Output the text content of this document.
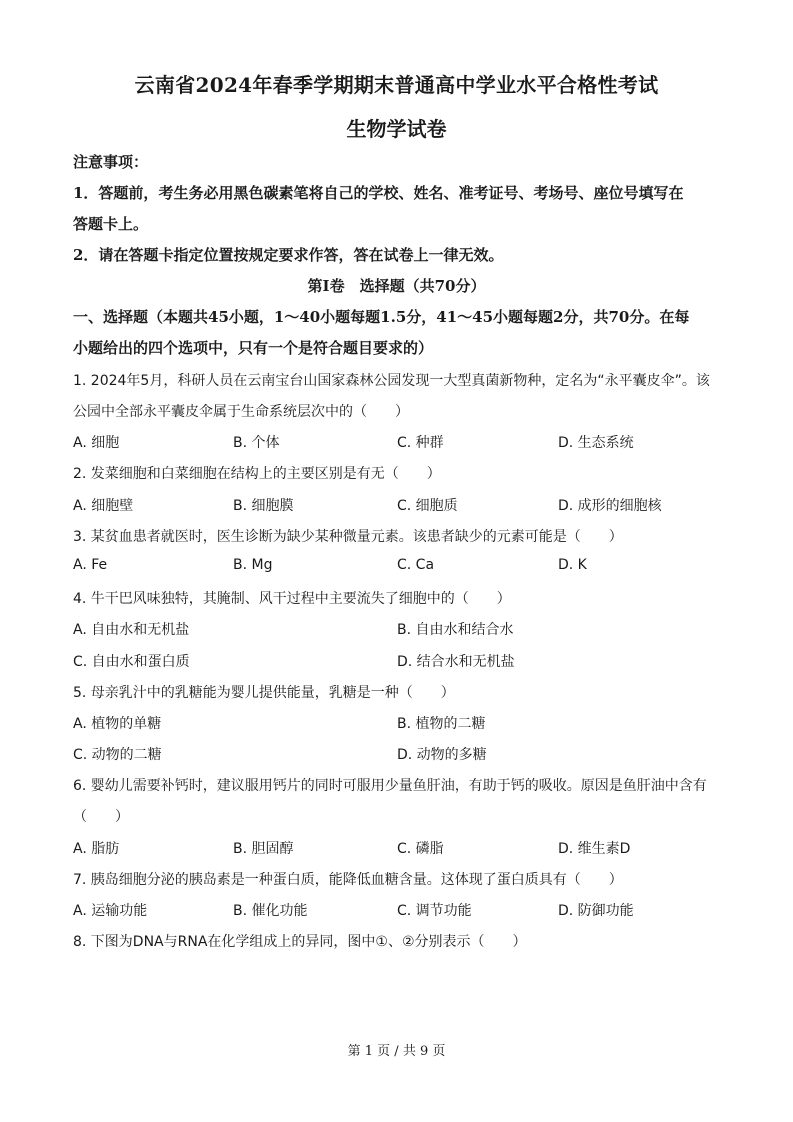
云南省2024年春季学期期末普通高中学业水平合格性考试
生物学试卷
注意事项：
1．答题前，考生务必用黑色碳素笔将自己的学校、姓名、准考证号、考场号、座位号填写在
答题卡上。
2．请在答题卡指定位置按规定要求作答，答在试卷上一律无效。
第Ⅰ卷　选择题（共70分）
一、选择题（本题共45小题，1～40小题每题1.5分，41～45小题每题2分，共70分。在每
小题给出的四个选项中，只有一个是符合题目要求的）
1. 2024年5月，科研人员在云南宝台山国家森林公园发现一大型真菌新物种，定名为“永平囊皮伞”。该
公园中全部永平囊皮伞属于生命系统层次中的（　　）
A. 细胞	B. 个体	C. 种群	D. 生态系统
2. 发菜细胞和白菜细胞在结构上的主要区别是有无（　　）
A. 细胞壁	B. 细胞膜	C. 细胞质	D. 成形的细胞核
3. 某贫血患者就医时，医生诊断为缺少某种微量元素。该患者缺少的元素可能是（　　）
A. Fe	B. Mg	C. Ca	D. K
4. 牛干巴风味独特，其腌制、风干过程中主要流失了细胞中的（　　）
A. 自由水和无机盐	B. 自由水和结合水
C. 自由水和蛋白质	D. 结合水和无机盐
5. 母亲乳汁中的乳糖能为婴儿提供能量，乳糖是一种（　　）
A. 植物的单糖	B. 植物的二糖
C. 动物的二糖	D. 动物的多糖
6. 婴幼儿需要补钙时，建议服用钙片的同时可服用少量鱼肝油，有助于钙的吸收。原因是鱼肝油中含有
（　　）
A. 脂肪	B. 胆固醇	C. 磷脂	D. 维生素D
7. 胰岛细胞分泌的胰岛素是一种蛋白质，能降低血糖含量。这体现了蛋白质具有（　　）
A. 运输功能	B. 催化功能	C. 调节功能	D. 防御功能
8. 下图为DNA与RNA在化学组成上的异同，图中①、②分别表示（　　）
第 1 页 / 共 9 页
